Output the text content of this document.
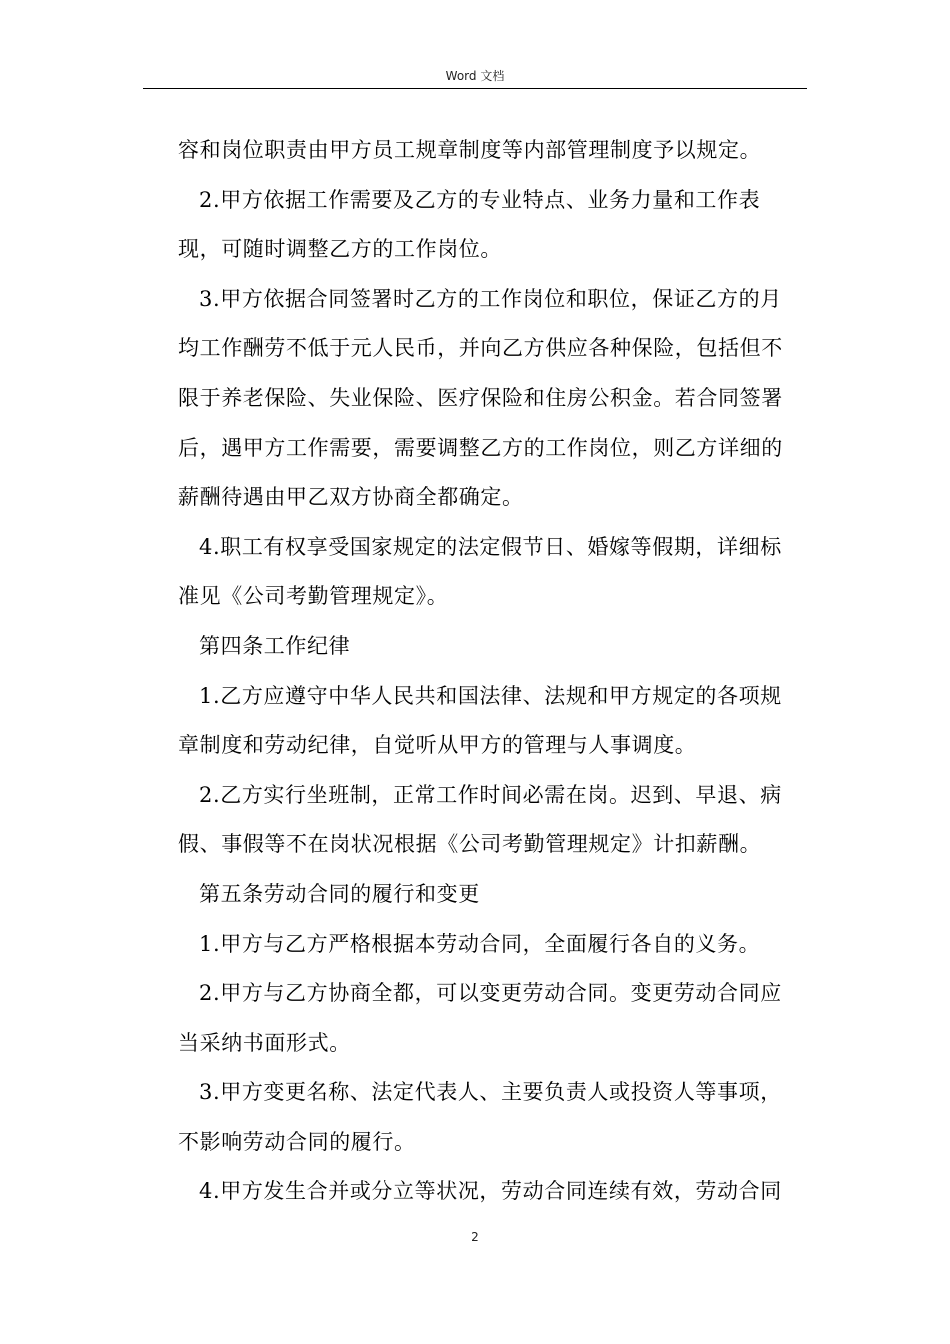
Word 文档

容和岗位职责由甲方员工规章制度等内部管理制度予以规定。

2.甲方依据工作需要及乙方的专业特点、业务力量和工作表现，可随时调整乙方的工作岗位。

3.甲方依据合同签署时乙方的工作岗位和职位，保证乙方的月均工作酬劳不低于元人民币，并向乙方供应各种保险，包括但不限于养老保险、失业保险、医疗保险和住房公积金。若合同签署后，遇甲方工作需要，需要调整乙方的工作岗位，则乙方详细的薪酬待遇由甲乙双方协商全都确定。

4.职工有权享受国家规定的法定假节日、婚嫁等假期，详细标准见《公司考勤管理规定》。

第四条工作纪律

1.乙方应遵守中华人民共和国法律、法规和甲方规定的各项规章制度和劳动纪律，自觉听从甲方的管理与人事调度。

2.乙方实行坐班制，正常工作时间必需在岗。迟到、早退、病假、事假等不在岗状况根据《公司考勤管理规定》计扣薪酬。

第五条劳动合同的履行和变更

1.甲方与乙方严格根据本劳动合同，全面履行各自的义务。

2.甲方与乙方协商全都，可以变更劳动合同。变更劳动合同应当采纳书面形式。

3.甲方变更名称、法定代表人、主要负责人或投资人等事项，不影响劳动合同的履行。

4.甲方发生合并或分立等状况，劳动合同连续有效，劳动合同

2
